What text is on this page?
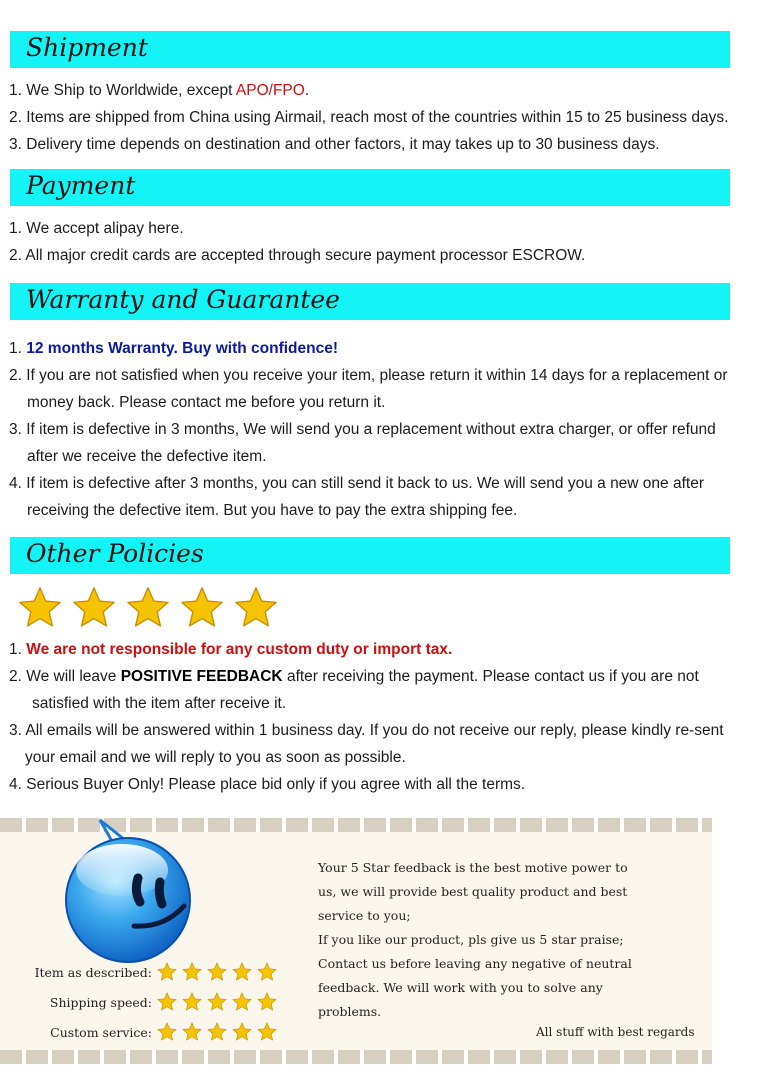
Shipment
1. We Ship to Worldwide, except APO/FPO.
2. Items are shipped from China using Airmail, reach most of the countries within 15 to 25 business days.
3. Delivery time depends on destination and other factors, it may takes up to 30 business days.
Payment
1. We accept alipay here.
2. All major credit cards are accepted through secure payment processor ESCROW.
Warranty and Guarantee
1. 12 months Warranty. Buy with confidence!
2. If you are not satisfied when you receive your item, please return it within 14 days for a replacement or
money back. Please contact me before you return it.
3. If item is defective in 3 months, We will send you a replacement without extra charger, or offer refund
after we receive the defective item.
4. If item is defective after 3 months, you can still send it back to us. We will send you a new one after
receiving the defective item. But you have to pay the extra shipping fee.
Other Policies
1. We are not responsible for any custom duty or import tax.
2. We will leave POSITIVE FEEDBACK after receiving the payment. Please contact us if you are not
satisfied with the item after receive it.
3. All emails will be answered within 1 business day. If you do not receive our reply, please kindly re-sent
your email and we will reply to you as soon as possible.
4. Serious Buyer Only! Please place bid only if you agree with all the terms.
Item as described:
Shipping speed:
Custom service:
Your 5 Star feedback is the best motive power to
us, we will provide best quality product and best
service to you;
If you like our product, pls give us 5 star praise;
Contact us before leaving any negative of neutral
feedback. We will work with you to solve any
problems.
All stuff with best regards
